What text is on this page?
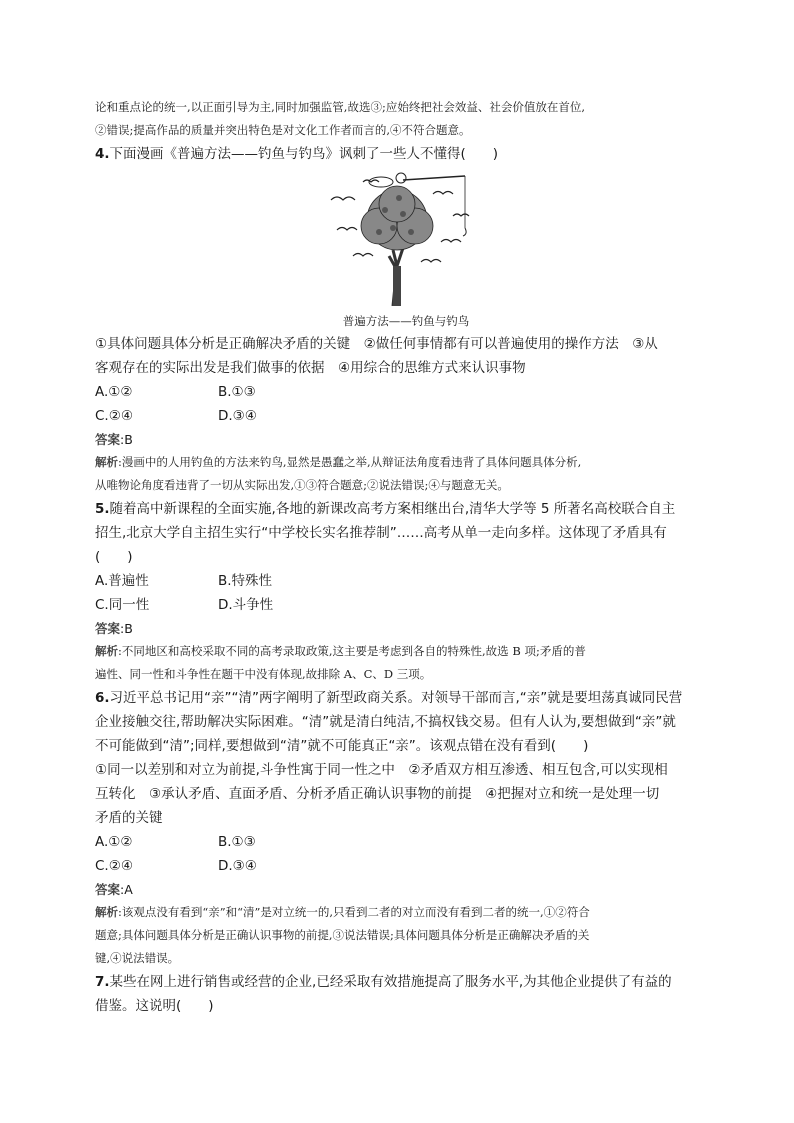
论和重点论的统一,以正面引导为主,同时加强监管,故选③;应始终把社会效益、社会价值放在首位,
②错误;提高作品的质量并突出特色是对文化工作者而言的,④不符合题意。
4.下面漫画《普遍方法——钓鱼与钓鸟》讽刺了一些人不懂得(　　)
普遍方法——钓鱼与钓鸟
①具体问题具体分析是正确解决矛盾的关键　②做任何事情都有可以普遍使用的操作方法　③从
客观存在的实际出发是我们做事的依据　④用综合的思维方式来认识事物
A.①②	B.①③
C.②④	D.③④
答案:B
解析:漫画中的人用钓鱼的方法来钓鸟,显然是愚蠢之举,从辩证法角度看违背了具体问题具体分析,
从唯物论角度看违背了一切从实际出发,①③符合题意;②说法错误;④与题意无关。
5.随着高中新课程的全面实施,各地的新课改高考方案相继出台,清华大学等 5 所著名高校联合自主
招生,北京大学自主招生实行“中学校长实名推荐制”……高考从单一走向多样。这体现了矛盾具有
(　　)
A.普遍性	B.特殊性
C.同一性	D.斗争性
答案:B
解析:不同地区和高校采取不同的高考录取政策,这主要是考虑到各自的特殊性,故选 B 项;矛盾的普
遍性、同一性和斗争性在题干中没有体现,故排除 A、C、D 三项。
6.习近平总书记用“亲”“清”两字阐明了新型政商关系。对领导干部而言,“亲”就是要坦荡真诚同民营
企业接触交往,帮助解决实际困难。“清”就是清白纯洁,不搞权钱交易。但有人认为,要想做到“亲”就
不可能做到“清”;同样,要想做到“清”就不可能真正“亲”。该观点错在没有看到(　　)
①同一以差别和对立为前提,斗争性寓于同一性之中　②矛盾双方相互渗透、相互包含,可以实现相
互转化　③承认矛盾、直面矛盾、分析矛盾正确认识事物的前提　④把握对立和统一是处理一切
矛盾的关键
A.①②	B.①③
C.②④	D.③④
答案:A
解析:该观点没有看到“亲”和“清”是对立统一的,只看到二者的对立而没有看到二者的统一,①②符合
题意;具体问题具体分析是正确认识事物的前提,③说法错误;具体问题具体分析是正确解决矛盾的关
键,④说法错误。
7.某些在网上进行销售或经营的企业,已经采取有效措施提高了服务水平,为其他企业提供了有益的
借鉴。这说明(　　)
